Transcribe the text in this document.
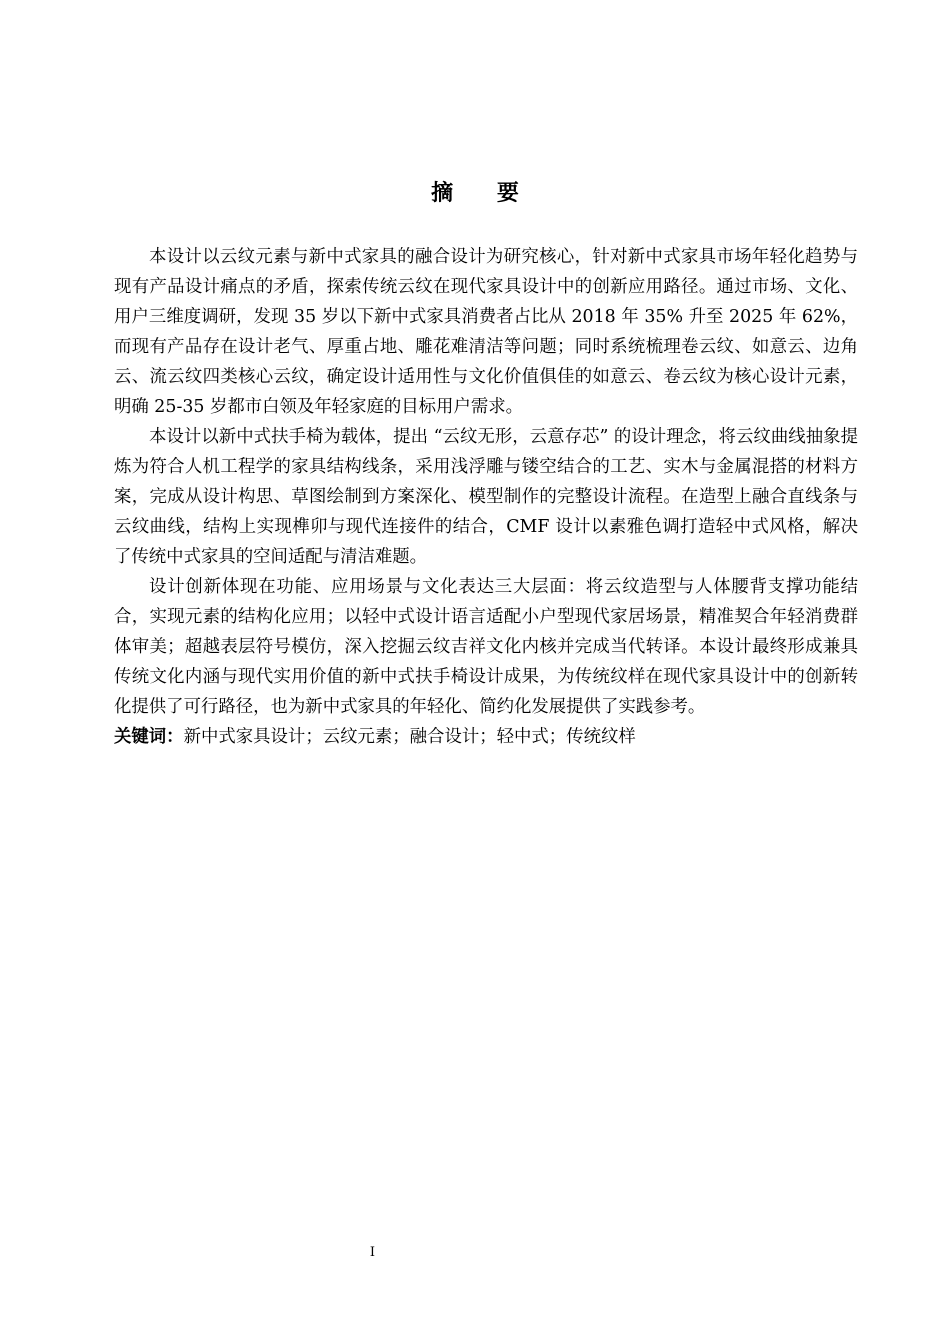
摘 要

本设计以云纹元素与新中式家具的融合设计为研究核心，针对新中式家具市场年轻化趋势与现有产品设计痛点的矛盾，探索传统云纹在现代家具设计中的创新应用路径。通过市场、文化、用户三维度调研，发现 35 岁以下新中式家具消费者占比从 2018 年 35% 升至 2025 年 62%，而现有产品存在设计老气、厚重占地、雕花难清洁等问题；同时系统梳理卷云纹、如意云、边角云、流云纹四类核心云纹，确定设计适用性与文化价值俱佳的如意云、卷云纹为核心设计元素，明确 25-35 岁都市白领及年轻家庭的目标用户需求。

本设计以新中式扶手椅为载体，提出 “云纹无形，云意存芯” 的设计理念，将云纹曲线抽象提炼为符合人机工程学的家具结构线条，采用浅浮雕与镂空结合的工艺、实木与金属混搭的材料方案，完成从设计构思、草图绘制到方案深化、模型制作的完整设计流程。在造型上融合直线条与云纹曲线，结构上实现榫卯与现代连接件的结合，CMF 设计以素雅色调打造轻中式风格，解决了传统中式家具的空间适配与清洁难题。

设计创新体现在功能、应用场景与文化表达三大层面：将云纹造型与人体腰背支撑功能结合，实现元素的结构化应用；以轻中式设计语言适配小户型现代家居场景，精准契合年轻消费群体审美；超越表层符号模仿，深入挖掘云纹吉祥文化内核并完成当代转译。本设计最终形成兼具传统文化内涵与现代实用价值的新中式扶手椅设计成果，为传统纹样在现代家具设计中的创新转化提供了可行路径，也为新中式家具的年轻化、简约化发展提供了实践参考。

关键词：新中式家具设计；云纹元素；融合设计；轻中式；传统纹样

I
